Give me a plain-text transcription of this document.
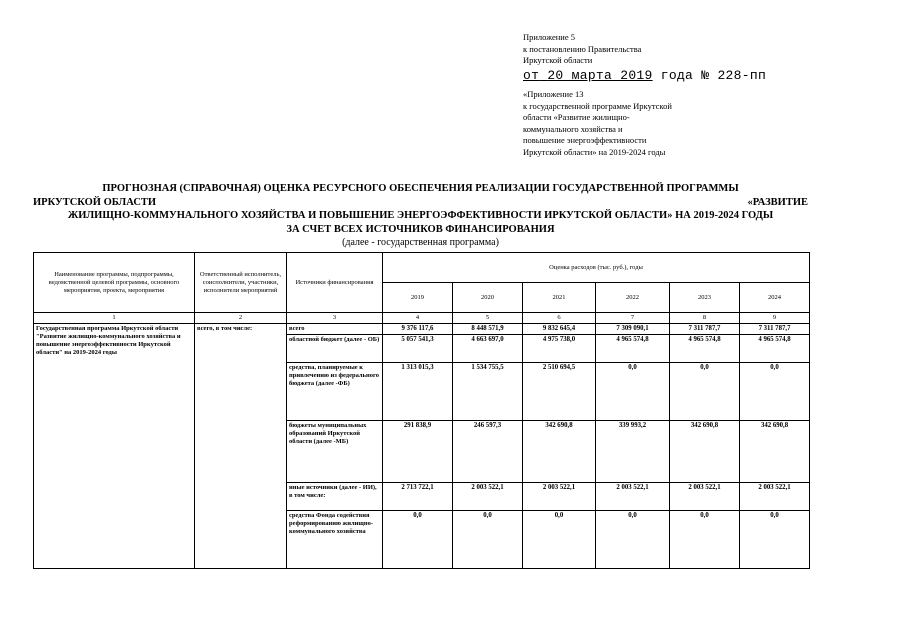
Приложение 5
к постановлению Правительства
Иркутской области
от 20 марта 2019 года № 228-пп
«Приложение 13
к государственной программе Иркутской
области «Развитие жилищно-
коммунального хозяйства и
повышение энергоэффективности
Иркутской области» на 2019-2024 годы
ПРОГНОЗНАЯ (СПРАВОЧНАЯ) ОЦЕНКА РЕСУРСНОГО ОБЕСПЕЧЕНИЯ РЕАЛИЗАЦИИ ГОСУДАРСТВЕННОЙ ПРОГРАММЫ
ИРКУТСКОЙ ОБЛАСТИ	«РАЗВИТИЕ
ЖИЛИЩНО-КОММУНАЛЬНОГО ХОЗЯЙСТВА И ПОВЫШЕНИЕ ЭНЕРГОЭФФЕКТИВНОСТИ ИРКУТСКОЙ ОБЛАСТИ» НА 2019-2024 ГОДЫ
ЗА СЧЕТ ВСЕХ ИСТОЧНИКОВ ФИНАНСИРОВАНИЯ
(далее - государственная программа)
Наименование программы, подпрограммы, ведомственной целевой программы, основного мероприятия, проекта, мероприятия	Ответственный исполнитель, соисполнители, участники, исполнители мероприятий	Источники финансирования	Оценка расходов (тыс. руб.), годы					
			2019	2020	2021	2022	2023	2024
1	2	3	4	5	6	7	8	9
Государственная программа Иркутской области "Развитие жилищно-коммунального хозяйства и повышение энергоэффективности Иркутской области" на 2019-2024 годы	всего, в том числе:	всего	9 376 117,6	8 448 571,9	9 832 645,4	7 309 090,1	7 311 787,7	7 311 787,7
		областной бюджет (далее - ОБ)	5 057 541,3	4 663 697,0	4 975 738,0	4 965 574,8	4 965 574,8	4 965 574,8
		средства, планируемые к привлечению из федерального бюджета (далее -ФБ)	1 313 015,3	1 534 755,5	2 510 694,5	0,0	0,0	0,0
		бюджеты муниципальных образований Иркутской области (далее -МБ)	291 838,9	246 597,3	342 690,8	339 993,2	342 690,8	342 690,8
		иные источники (далее - ИИ), в том числе:	2 713 722,1	2 003 522,1	2 003 522,1	2 003 522,1	2 003 522,1	2 003 522,1
		средства Фонда содействия реформированию жилищно-коммунального хозяйства	0,0	0,0	0,0	0,0	0,0	0,0
